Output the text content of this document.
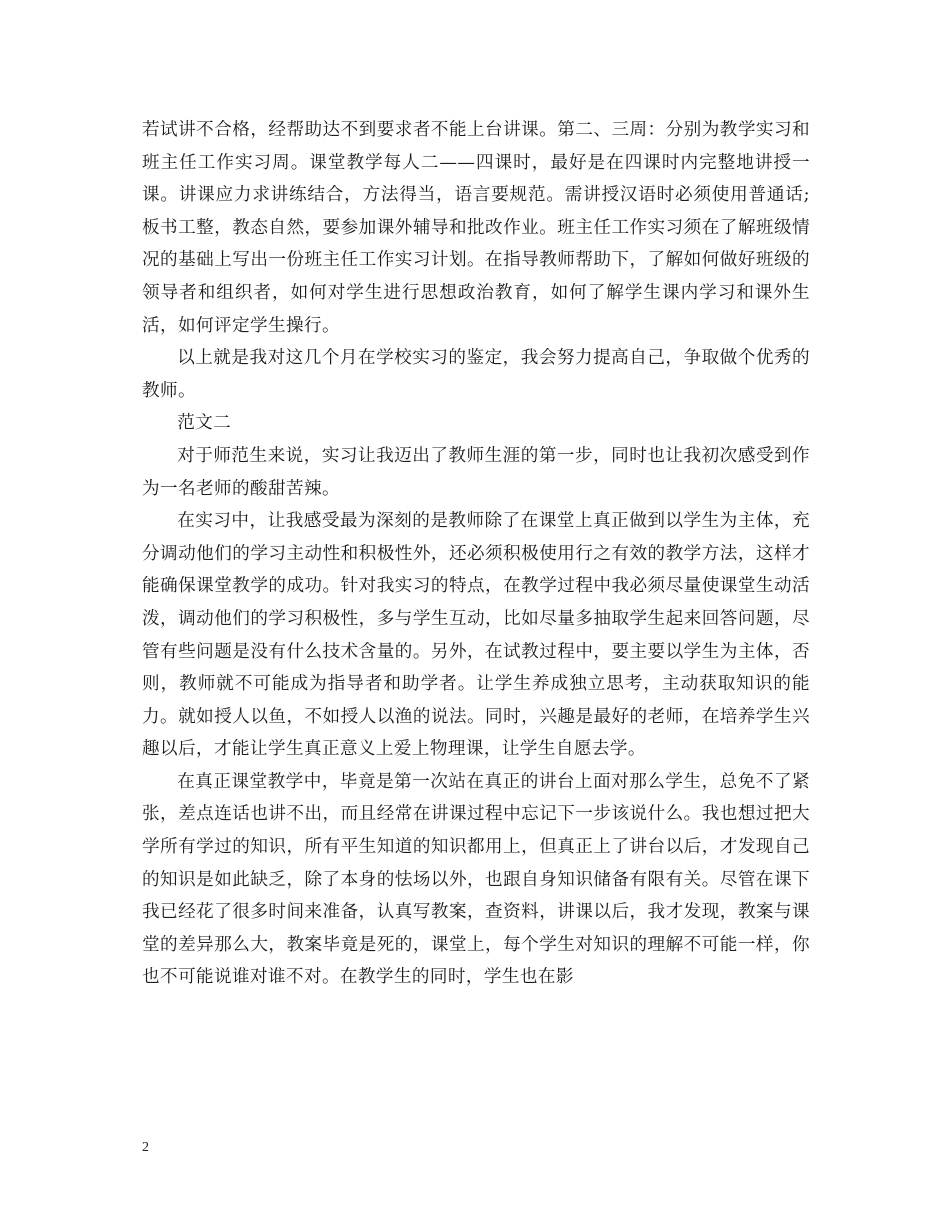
若试讲不合格，经帮助达不到要求者不能上台讲课。第二、三周：分别为教学实习和班主任工作实习周。课堂教学每人二——四课时，最好是在四课时内完整地讲授一课。讲课应力求讲练结合，方法得当，语言要规范。需讲授汉语时必须使用普通话;板书工整，教态自然，要参加课外辅导和批改作业。班主任工作实习须在了解班级情况的基础上写出一份班主任工作实习计划。在指导教师帮助下，了解如何做好班级的领导者和组织者，如何对学生进行思想政治教育，如何了解学生课内学习和课外生活，如何评定学生操行。

以上就是我对这几个月在学校实习的鉴定，我会努力提高自己，争取做个优秀的教师。

范文二

对于师范生来说，实习让我迈出了教师生涯的第一步，同时也让我初次感受到作为一名老师的酸甜苦辣。

在实习中，让我感受最为深刻的是教师除了在课堂上真正做到以学生为主体，充分调动他们的学习主动性和积极性外，还必须积极使用行之有效的教学方法，这样才能确保课堂教学的成功。针对我实习的特点，在教学过程中我必须尽量使课堂生动活泼，调动他们的学习积极性，多与学生互动，比如尽量多抽取学生起来回答问题，尽管有些问题是没有什么技术含量的。另外，在试教过程中，要主要以学生为主体，否则，教师就不可能成为指导者和助学者。让学生养成独立思考，主动获取知识的能力。就如授人以鱼，不如授人以渔的说法。同时，兴趣是最好的老师，在培养学生兴趣以后，才能让学生真正意义上爱上物理课，让学生自愿去学。

在真正课堂教学中，毕竟是第一次站在真正的讲台上面对那么学生，总免不了紧张，差点连话也讲不出，而且经常在讲课过程中忘记下一步该说什么。我也想过把大学所有学过的知识，所有平生知道的知识都用上，但真正上了讲台以后，才发现自己的知识是如此缺乏，除了本身的怯场以外，也跟自身知识储备有限有关。尽管在课下我已经花了很多时间来准备，认真写教案，查资料，讲课以后，我才发现，教案与课堂的差异那么大，教案毕竟是死的，课堂上，每个学生对知识的理解不可能一样，你也不可能说谁对谁不对。在教学生的同时，学生也在影

2
